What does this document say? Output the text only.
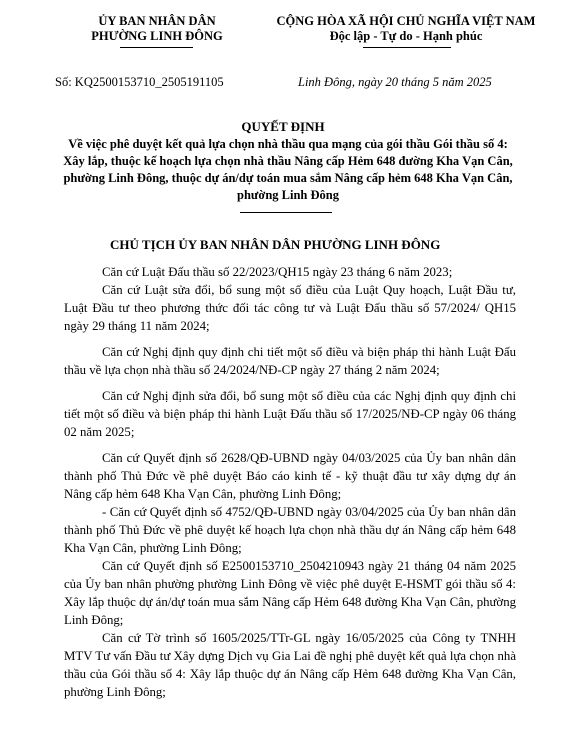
ỦY BAN NHÂN DÂN
PHƯỜNG LINH ĐÔNG
CỘNG HÒA XÃ HỘI CHỦ NGHĨA VIỆT NAM
Độc lập - Tự do - Hạnh phúc
Số: KQ2500153710_2505191105	Linh Đông, ngày 20 tháng 5 năm 2025
QUYẾT ĐỊNH
Về việc phê duyệt kết quả lựa chọn nhà thầu qua mạng của gói thầu Gói thầu số 4: Xây lắp, thuộc kế hoạch lựa chọn nhà thầu Nâng cấp Hẻm 648 đường Kha Vạn Cân, phường Linh Đông, thuộc dự án/dự toán mua sắm Nâng cấp hẻm 648 Kha Vạn Cân, phường Linh Đông
CHỦ TỊCH ỦY BAN NHÂN DÂN PHƯỜNG LINH ĐÔNG

Căn cứ Luật Đấu thầu số 22/2023/QH15 ngày 23 tháng 6 năm 2023;

Căn cứ Luật sửa đổi, bổ sung một số điều của Luật Quy hoạch, Luật Đầu tư, Luật Đầu tư theo phương thức đối tác công tư và Luật Đấu thầu số 57/2024/ QH15 ngày 29 tháng 11 năm 2024;

Căn cứ Nghị định quy định chi tiết một số điều và biện pháp thi hành Luật Đấu thầu về lựa chọn nhà thầu số 24/2024/NĐ-CP ngày 27 tháng 2 năm 2024;

Căn cứ Nghị định sửa đổi, bổ sung một số điều của các Nghị định quy định chi tiết một số điều và biện pháp thi hành Luật Đấu thầu số 17/2025/NĐ-CP ngày 06 tháng 02 năm 2025;

Căn cứ Quyết định số 2628/QĐ-UBND ngày 04/03/2025 của Ủy ban nhân dân thành phố Thủ Đức về phê duyệt Báo cáo kinh tế - kỹ thuật đầu tư xây dựng dự án Nâng cấp hẻm 648 Kha Vạn Cân, phường Linh Đông;

- Căn cứ Quyết định số 4752/QĐ-UBND ngày 03/04/2025 của Ủy ban nhân dân thành phố Thủ Đức về phê duyệt kế hoạch lựa chọn nhà thầu dự án Nâng cấp hẻm 648 Kha Vạn Cân, phường Linh Đông;

Căn cứ Quyết định số E2500153710_2504210943 ngày 21 tháng 04 năm 2025 của Ủy ban nhân phường phường Linh Đông về việc phê duyệt E-HSMT gói thầu số 4: Xây lắp thuộc dự án/dự toán mua sắm Nâng cấp Hẻm 648 đường Kha Vạn Cân, phường Linh Đông;

Căn cứ Tờ trình số 1605/2025/TTr-GL ngày 16/05/2025 của Công ty TNHH MTV Tư vấn Đầu tư Xây dựng Dịch vụ Gia Lai đề nghị phê duyệt kết quả lựa chọn nhà thầu của Gói thầu số 4: Xây lắp thuộc dự án Nâng cấp Hẻm 648 đường Kha Vạn Cân, phường Linh Đông;
